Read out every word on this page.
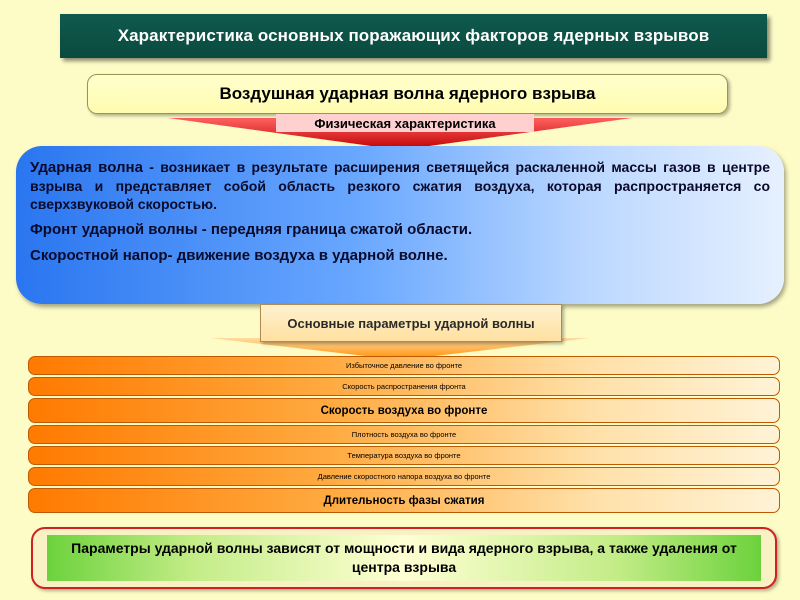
Характеристика основных поражающих факторов ядерных взрывов
Воздушная ударная волна ядерного взрыва
Физическая характеристика

Ударная волна - возникает в результате расширения светящейся раскаленной массы газов в центре взрыва и представляет собой область резкого сжатия воздуха, которая распространяется со сверхзвуковой скоростью.

Фронт ударной волны - передняя граница сжатой области.

Скоростной напор- движение воздуха в ударной волне.

Основные параметры ударной волны
Избыточное давление во фронте
Скорость распространения фронта
Скорость воздуха во фронте
Плотность воздуха во фронте
Температура воздуха во фронте
Давление скоростного напора воздуха во фронте
Длительность фазы сжатия
Параметры ударной волны зависят от мощности и вида ядерного взрыва, а также удаления от центра взрыва
